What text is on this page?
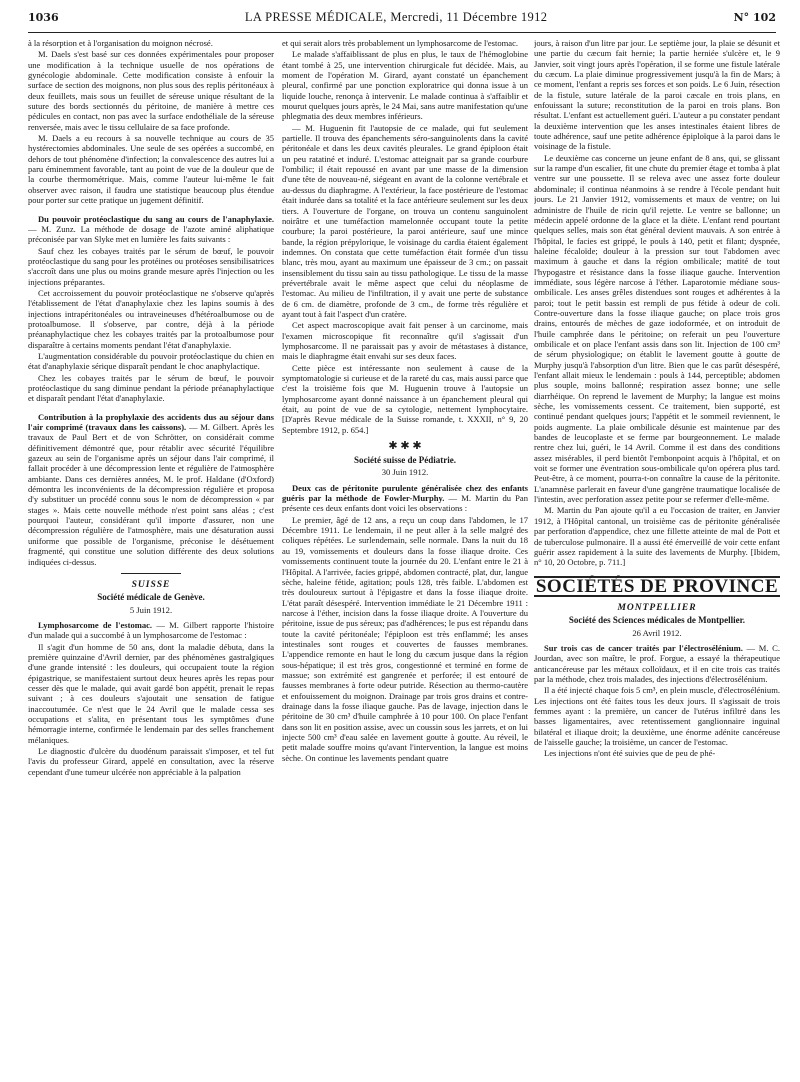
1036	LA PRESSE MÉDICALE, Mercredi, 11 Décembre 1912	N° 102

à la résorption et à l'organisation du moignon nécrosé.

M. Daels s'est basé sur ces données expérimentales pour proposer une modification à la technique usuelle de nos opérations de gynécologie abdominale. Cette modification consiste à enfouir la surface de section des moignons, non plus sous des replis péritonéaux à deux feuillets, mais sous un feuillet de séreuse unique résultant de la suture des bords sectionnés du péritoine, de manière à mettre ces pédicules en contact, non pas avec la surface endothéliale de la séreuse renversée, mais avec le tissu cellulaire de sa face profonde.

M. Daels a eu recours à sa nouvelle technique au cours de 35 hystérectomies abdominales. Une seule de ses opérées a succombé, en dehors de tout phénomène d'infection; la convalescence des autres lui a paru éminemment favorable, tant au point de vue de la douleur que de la courbe thermométrique. Mais, comme l'auteur lui-même le fait observer avec raison, il faudra une statistique beaucoup plus étendue pour porter sur cette pratique un jugement définitif.

Du pouvoir protéoclastique du sang au cours de l'anaphylaxie. — M. Zunz. La méthode de dosage de l'azote aminé aliphatique préconisée par van Slyke met en lumière les faits suivants :

Sauf chez les cobayes traités par le sérum de bœuf, le pouvoir protéoclastique du sang pour les protéines ou protéoses sensibilisatrices s'accroît dans une plus ou moins grande mesure après l'injection ou les injections préparantes.

Cet accroissement du pouvoir protéoclastique ne s'observe qu'après l'établissement de l'état d'anaphylaxie chez les lapins soumis à des injections intrapéritonéales ou intraveineuses d'hétéroalbumose ou de protoalbumose. Il s'observe, par contre, déjà à la période préanaphylactique chez les cobayes traités par la protoalbumose pour disparaître à certains moments pendant l'état d'anaphylaxie.

L'augmentation considérable du pouvoir protéoclastique du chien en état d'anaphylaxie sérique disparaît pendant le choc anaphylactique.

Chez les cobayes traités par le sérum de bœuf, le pouvoir protéoclastique du sang diminue pendant la période préanaphylactique et disparaît pendant l'état d'anaphylaxie.

Contribution à la prophylaxie des accidents dus au séjour dans l'air comprimé (travaux dans les caissons). — M. Gilbert. Après les travaux de Paul Bert et de von Schrötter, on considérait comme définitivement démontré que, pour rétablir avec sécurité l'équilibre gazeux au sein de l'organisme après un séjour dans l'air comprimé, il fallait procéder à une décompression lente et régulière de l'atmosphère ambiante. Dans ces dernières années, M. le prof. Haldane (d'Oxford) démontra les inconvénients de la décompression régulière et proposa d'y substituer un procédé connu sous le nom de décompression « par stages ». Mais cette nouvelle méthode n'est point sans aléas ; c'est pourquoi l'auteur, considérant qu'il importe d'assurer, non une décompression régulière de l'atmosphère, mais une désaturation aussi uniforme que possible de l'organisme, préconise le désétuement fragmenté, qui constitue une solution différente des deux solutions indiquées ci-dessus.

SUISSE
Société médicale de Genève.
5 Juin 1912.

Lymphosarcome de l'estomac. — M. Gilbert rapporte l'histoire d'un malade qui a succombé à un lymphosarcome de l'estomac :

Il s'agit d'un homme de 50 ans, dont la maladie débuta, dans la première quinzaine d'Avril dernier, par des phénomènes gastralgiques d'une grande intensité : les douleurs, qui occupaient toute la région épigastrique, se manifestaient surtout deux heures après les repas pour cesser dès que le malade, qui avait gardé bon appétit, prenait le repas suivant ; à ces douleurs s'ajoutait une sensation de fatigue inaccoutumée. Ce n'est que le 24 Avril que le malade cessa ses occupations et s'alita, en présentant tous les symptômes d'une hémorragie interne, confirmée le lendemain par des selles franchement mélaniques.

Le diagnostic d'ulcère du duodénum paraissait s'imposer, et tel fut l'avis du professeur Girard, appelé en consultation, avec la réserve cependant d'une tumeur ulcérée non appréciable à la palpation

et qui serait alors très probablement un lymphosarcome de l'estomac.

Le malade s'affaiblissant de plus en plus, le taux de l'hémoglobine étant tombé à 25, une intervention chirurgicale fut décidée. Mais, au moment de l'opération M. Girard, ayant constaté un épanchement pleural, confirmé par une ponction exploratrice qui donna issue à un liquide louche, renonça à intervenir. Le malade continua à s'affaiblir et mourut quelques jours après, le 24 Mai, sans autre manifestation qu'une phlegmatia des deux membres inférieurs.

— M. Huguenin fit l'autopsie de ce malade, qui fut seulement partielle. Il trouva des épanchements séro-sanguinolents dans la cavité péritonéale et dans les deux cavités pleurales. Le grand épiploon était un peu ratatiné et induré. L'estomac atteignait par sa grande courbure l'ombilic; il était repoussé en avant par une masse de la dimension d'une tête de nouveau-né, siégeant en avant de la colonne vertébrale et au-dessus du diaphragme. A l'extérieur, la face postérieure de l'estomac était indurée dans sa totalité et la face antérieure seulement sur les deux tiers. A l'ouverture de l'organe, on trouva un contenu sanguinolent noirâtre et une tuméfaction mamelonnée occupant toute la petite courbure; la paroi postérieure, la paroi antérieure, sauf une mince bande, la région prépylorique, le voisinage du cardia étaient également indemnes. On constata que cette tuméfaction était formée d'un tissu blanc, très mou, ayant au maximum une épaisseur de 3 cm.; on passait insensiblement du tissu sain au tissu pathologique. Le tissu de la masse prévertébrale avait le même aspect que celui du néoplasme de l'estomac. Au milieu de l'infiltration, il y avait une perte de substance de 6 cm. de diamètre, profonde de 3 cm., de forme très régulière et ayant tout à fait l'aspect d'un cratère.

Cet aspect macroscopique avait fait penser à un carcinome, mais l'examen microscopique fit reconnaître qu'il s'agissait d'un lymphosarcome. Il ne paraissait pas y avoir de métastases à distance, mais le diaphragme était envahi sur ses deux faces.

Cette pièce est intéressante non seulement à cause de la symptomatologie si curieuse et de la rareté du cas, mais aussi parce que c'est la troisième fois que M. Huguenin trouve à l'autopsie un lymphosarcome ayant donné naissance à un épanchement pleural qui était, au point de vue de sa cytologie, nettement lymphocytaire. [D'après Revue médicale de la Suisse romande, t. XXXII, n° 9, 20 Septembre 1912, p. 654.]

✱ ✱ ✱
Société suisse de Pédiatrie.
30 Juin 1912.

Deux cas de péritonite purulente généralisée chez des enfants guéris par la méthode de Fowler-Murphy. — M. Martin du Pan présente ces deux enfants dont voici les observations :

Le premier, âgé de 12 ans, a reçu un coup dans l'abdomen, le 17 Décembre 1911. Le lendemain, il ne peut aller à la selle malgré des coliques répétées. Le surlendemain, selle normale. Dans la nuit du 18 au 19, vomissements et douleurs dans la fosse iliaque droite. Ces vomissements continuent toute la journée du 20. L'enfant entre le 21 à l'Hôpital. A l'arrivée, facies grippé, abdomen contracté, plat, dur, langue sèche, haleine fétide, agitation; pouls 128, très faible. L'abdomen est très douloureux surtout à l'épigastre et dans la fosse iliaque droite. L'état paraît désespéré. Intervention immédiate le 21 Décembre 1911 : narcose à l'éther, incision dans la fosse iliaque droite. A l'ouverture du péritoine, issue de pus séreux; pas d'adhérences; le pus est répandu dans toute la cavité péritonéale; l'épiploon est très enflammé; les anses intestinales sont rouges et couvertes de fausses membranes. L'appendice remonte en haut le long du cæcum jusque dans la région sous-hépatique; il est très gros, congestionné et terminé en forme de massue; son extrémité est gangrenée et perforée; il est entouré de fausses membranes à forte odeur putride. Résection au thermo-cautère et enfouissement du moignon. Drainage par trois gros drains et contre-drainage dans la fosse iliaque gauche. Pas de lavage, injection dans le péritoine de 30 cm³ d'huile camphrée à 10 pour 100. On place l'enfant dans son lit en position assise, avec un coussin sous les jarrets, et on lui injecte 500 cm³ d'eau salée en lavement goutte à goutte. Au réveil, le petit malade souffre moins qu'avant l'intervention, la langue est moins sèche. On continue les lavements pendant quatre

jours, à raison d'un litre par jour. Le septième jour, la plaie se désunit et une partie du cæcum fait hernie; la partie herniée s'ulcère et, le 9 Janvier, soit vingt jours après l'opération, il se forme une fistule latérale du cæcum. La plaie diminue progressivement jusqu'à la fin de Mars; à ce moment, l'enfant a repris ses forces et son poids. Le 6 Juin, résection de la fistule, suture latérale de la paroi cæcale en trois plans, en enfouissant la suture; reconstitution de la paroi en trois plans. Bon résultat. L'enfant est actuellement guéri. L'auteur a pu constater pendant la deuxième intervention que les anses intestinales étaient libres de toute adhérence, sauf une petite adhérence épiploïque à la paroi dans le voisinage de la fistule.

Le deuxième cas concerne un jeune enfant de 8 ans, qui, se glissant sur la rampe d'un escalier, fit une chute du premier étage et tomba à plat ventre sur une poussette. Il se releva avec une assez forte douleur abdominale; il continua néanmoins à se rendre à l'école pendant huit jours. Le 21 Janvier 1912, vomissements et maux de ventre; on lui administre de l'huile de ricin qu'il rejette. Le ventre se ballonne; un médecin appelé ordonne de la glace et la diète. L'enfant rend pourtant quelques selles, mais son état général devient mauvais. A son entrée à l'hôpital, le facies est grippé, le pouls à 140, petit et filant; dyspnée, haleine fécaloïde; douleur à la pression sur tout l'abdomen avec maximum à gauche et dans la région ombilicale; matité de tout l'hypogastre et résistance dans la fosse iliaque gauche. Intervention immédiate, sous légère narcose à l'éther. Laparotomie médiane sous-ombilicale. Les anses grêles distendues sont rouges et adhérentes à la paroi; tout le petit bassin est rempli de pus fétide à odeur de coli. Contre-ouverture dans la fosse iliaque gauche; on place trois gros drains, entourés de mèches de gaze iodoformée, et on introduit de l'huile camphrée dans le péritoine; on referait un peu l'ouverture ombilicale et on place l'enfant assis dans son lit. Injection de 100 cm³ de sérum physiologique; on établit le lavement goutte à goutte de Murphy jusqu'à l'absorption d'un litre. Bien que le cas parût désespéré, l'enfant allait mieux le lendemain : pouls à 144, perceptible; abdomen plus souple, moins ballonné; respiration assez bonne; une selle diarrhéique. On reprend le lavement de Murphy; la langue est moins sèche, les vomissements cessent. Ce traitement, bien supporté, est continué pendant quelques jours; l'appétit et le sommeil reviennent, le poids augmente. La plaie ombilicale désunie est maintenue par des bandes de leucoplaste et se ferme par bourgeonnement. Le malade rentre chez lui, guéri, le 14 Avril. Comme il est dans des conditions assez misérables, il perd bientôt l'embonpoint acquis à l'hôpital, et on voit se former une éventration sous-ombilicale qu'on opérera plus tard. Peut-être, à ce moment, pourra-t-on connaître la cause de la péritonite. L'anamnèse parlerait en faveur d'une gangrène traumatique localisée de l'intestin, avec perforation assez petite pour se refermer d'elle-même.

M. Martin du Pan ajoute qu'il a eu l'occasion de traiter, en Janvier 1912, à l'Hôpital cantonal, un troisième cas de péritonite généralisée par perforation d'appendice, chez une fillette atteinte de mal de Pott et de tuberculose pulmonaire. Il a aussi été émerveillé de voir cette enfant guérir assez rapidement à la suite des lavements de Murphy. [Ibidem, n° 10, 20 Octobre, p. 711.]

SOCIÉTÉS DE PROVINCE
MONTPELLIER
Société des Sciences médicales de Montpellier.
26 Avril 1912.

Sur trois cas de cancer traités par l'électrosélénium. — M. C. Jourdan, avec son maître, le prof. Forgue, a essayé la thérapeutique anticancéreuse par les métaux colloïdaux, et il en cite trois cas traités par la méthode, chez trois malades, des injections d'électrosélénium.

Il a été injecté chaque fois 5 cm³, en plein muscle, d'électrosélénium. Les injections ont été faites tous les deux jours. Il s'agissait de trois femmes ayant : la première, un cancer de l'utérus infiltré dans les basses ligamentaires, avec retentissement ganglionnaire inguinal bilatéral et iliaque droit; la deuxième, une énorme adénite cancéreuse de l'aisselle gauche; la troisième, un cancer de l'estomac.

Les injections n'ont été suivies que de peu de phé-
